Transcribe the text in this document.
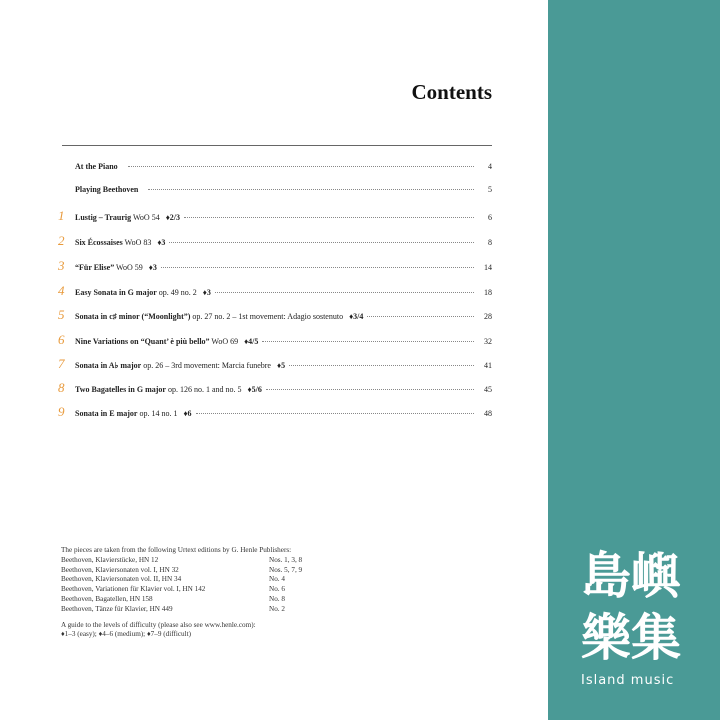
Contents
At the Piano	4
Playing Beethoven	5
1	Lustig – Traurig WoO 54 ♦2/3	6
2	Six Écossaises WoO 83 ♦3	8
3	“Für Elise” WoO 59 ♦3	14
4	Easy Sonata in G major op. 49 no. 2 ♦3	18
5	Sonata in c♯ minor (“Moonlight”) op. 27 no. 2 – 1st movement: Adagio sostenuto ♦3/4	28
6	Nine Variations on “Quant’ è più bello” WoO 69 ♦4/5	32
7	Sonata in A♭ major op. 26 – 3rd movement: Marcia funebre ♦5	41
8	Two Bagatelles in G major op. 126 no. 1 and no. 5 ♦5/6	45
9	Sonata in E major op. 14 no. 1 ♦6	48
The pieces are taken from the following Urtext editions by G. Henle Publishers:
Beethoven, Klavierstücke, HN 12	Nos. 1, 3, 8
Beethoven, Klaviersonaten vol. I, HN 32	Nos. 5, 7, 9
Beethoven, Klaviersonaten vol. II, HN 34	No. 4
Beethoven, Variationen für Klavier vol. I, HN 142	No. 6
Beethoven, Bagatellen, HN 158	No. 8
Beethoven, Tänze für Klavier, HN 449	No. 2
A guide to the levels of difficulty (please also see www.henle.com):
♦1–3 (easy); ♦4–6 (medium); ♦7–9 (difficult)
島嶼
樂集
Island music
